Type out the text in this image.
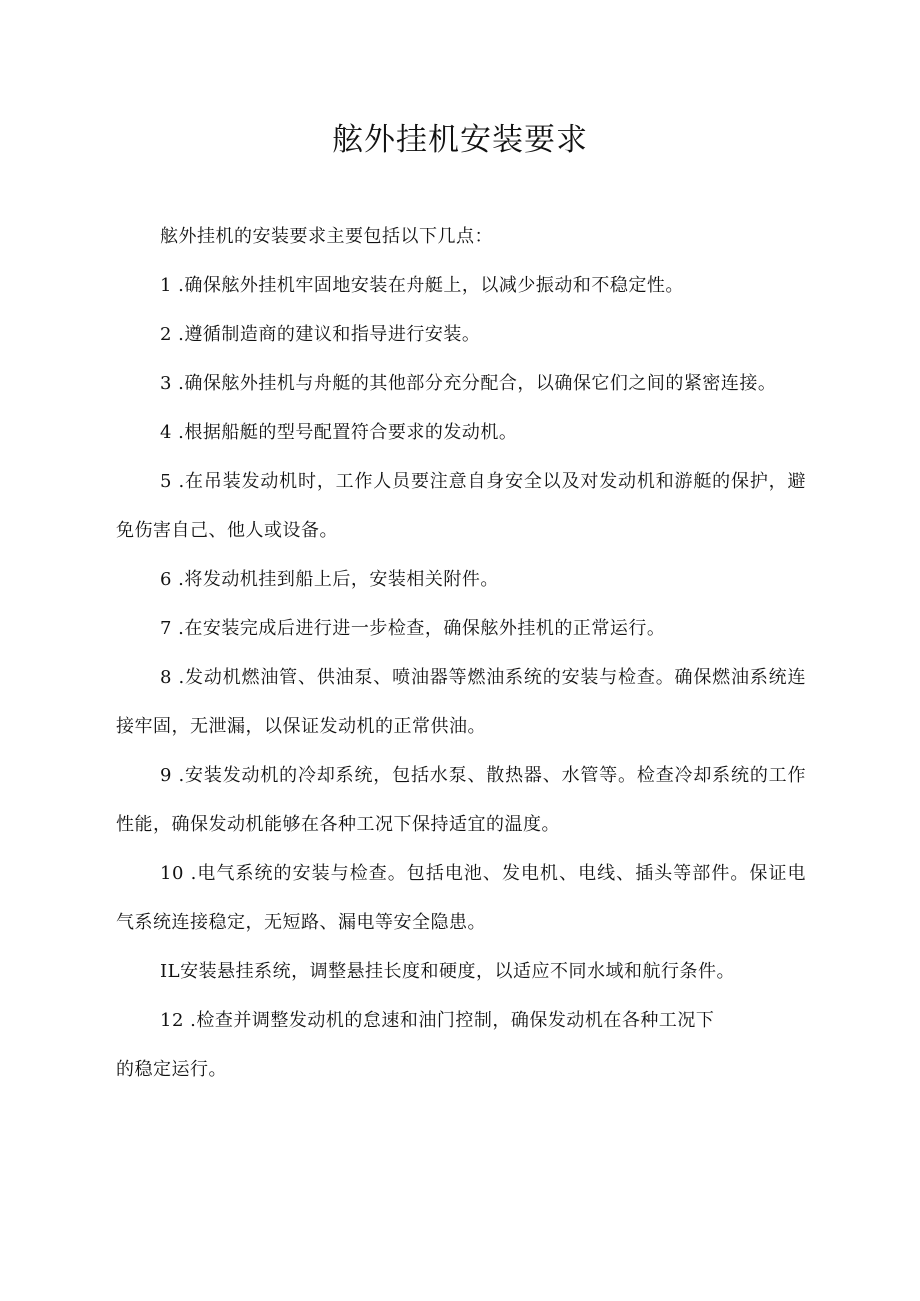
舷外挂机安装要求

舷外挂机的安装要求主要包括以下几点：

1 .确保舷外挂机牢固地安装在舟艇上，以减少振动和不稳定性。

2 .遵循制造商的建议和指导进行安装。

3 .确保舷外挂机与舟艇的其他部分充分配合，以确保它们之间的紧密连接。

4 .根据船艇的型号配置符合要求的发动机。

5 .在吊装发动机时，工作人员要注意自身安全以及对发动机和游艇的保护，避免伤害自己、他人或设备。

6 .将发动机挂到船上后，安装相关附件。

7 .在安装完成后进行进一步检查，确保舷外挂机的正常运行。

8 .发动机燃油管、供油泵、喷油器等燃油系统的安装与检查。确保燃油系统连接牢固，无泄漏，以保证发动机的正常供油。

9 .安装发动机的冷却系统，包括水泵、散热器、水管等。检查冷却系统的工作性能，确保发动机能够在各种工况下保持适宜的温度。

10 .电气系统的安装与检查。包括电池、发电机、电线、插头等部件。保证电气系统连接稳定，无短路、漏电等安全隐患。

IL安装悬挂系统，调整悬挂长度和硬度，以适应不同水域和航行条件。

12 .检查并调整发动机的怠速和油门控制，确保发动机在各种工况下

的稳定运行。
